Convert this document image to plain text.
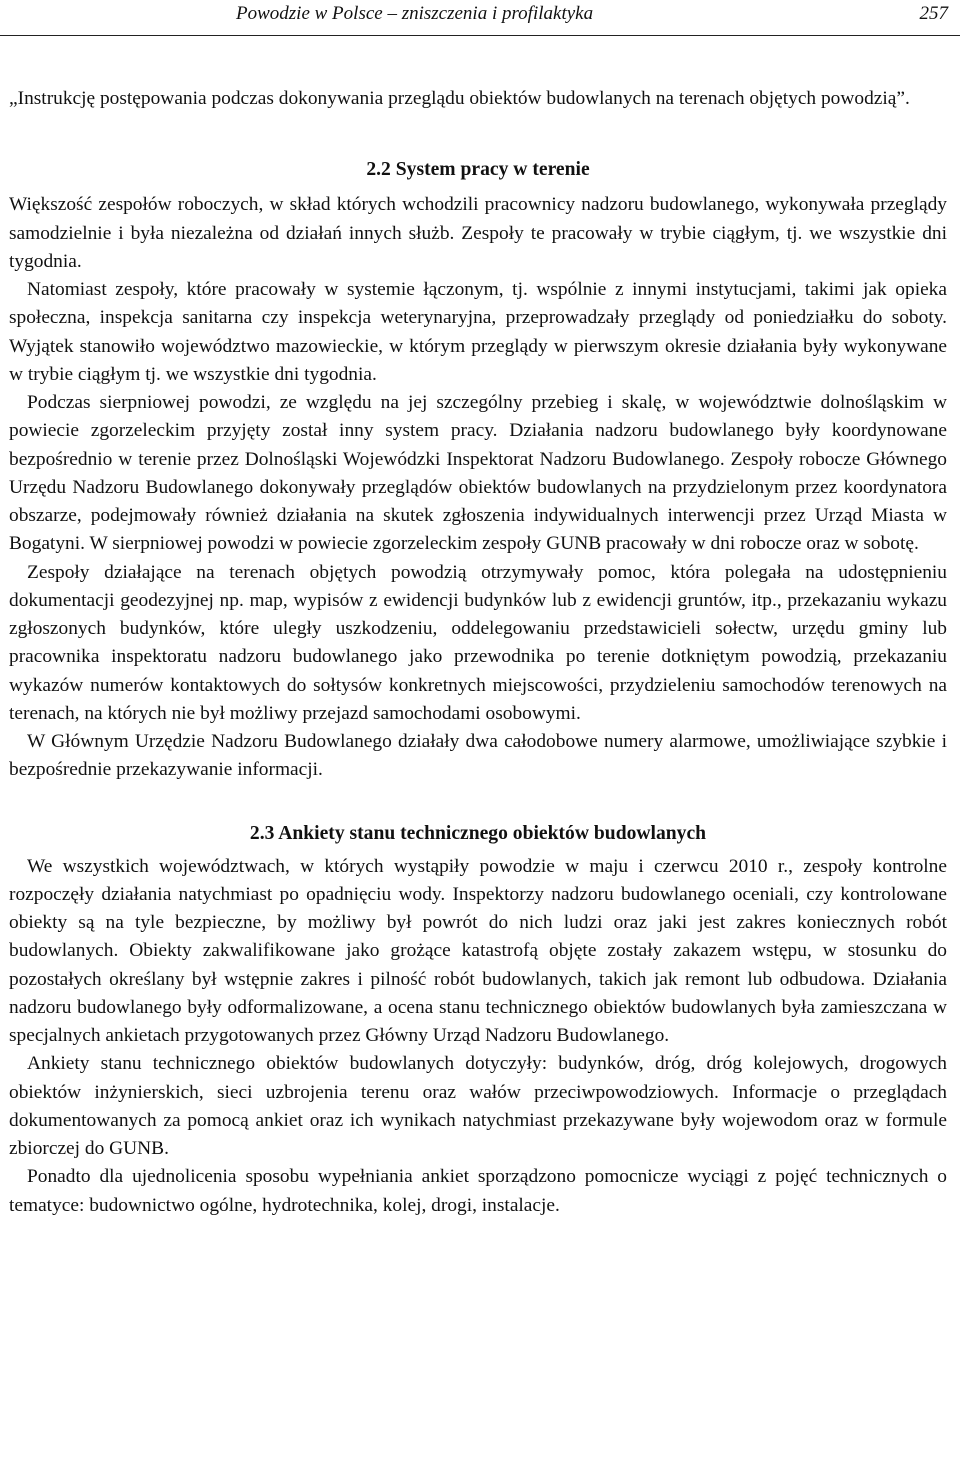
Powodzie w Polsce – zniszczenia i profilaktyka	257

„Instrukcję postępowania podczas dokonywania przeglądu obiektów budowlanych na terenach objętych powodzią”.

2.2 System pracy w terenie

Większość zespołów roboczych, w skład których wchodzili pracownicy nadzoru budowlanego, wykonywała przeglądy samodzielnie i była niezależna od działań innych służb. Zespoły te pracowały w trybie ciągłym, tj. we wszystkie dni tygodnia.

Natomiast zespoły, które pracowały w systemie łączonym, tj. wspólnie z innymi instytucjami, takimi jak opieka społeczna, inspekcja sanitarna czy inspekcja weterynaryjna, przeprowadzały przeglądy od poniedziałku do soboty. Wyjątek stanowiło województwo mazowieckie, w którym przeglądy w pierwszym okresie działania były wykonywane w trybie ciągłym tj. we wszystkie dni tygodnia.

Podczas sierpniowej powodzi, ze względu na jej szczególny przebieg i skalę, w województwie dolnośląskim w powiecie zgorzeleckim przyjęty został inny system pracy. Działania nadzoru budowlanego były koordynowane bezpośrednio w terenie przez Dolnośląski Wojewódzki Inspektorat Nadzoru Budowlanego. Zespoły robocze Głównego Urzędu Nadzoru Budowlanego dokonywały przeglądów obiektów budowlanych na przydzielonym przez koordynatora obszarze, podejmowały również działania na skutek zgłoszenia indywidualnych interwencji przez Urząd Miasta w Bogatyni. W sierpniowej powodzi w powiecie zgorzeleckim zespoły GUNB pracowały w dni robocze oraz w sobotę.

Zespoły działające na terenach objętych powodzią otrzymywały pomoc, która polegała na udostępnieniu dokumentacji geodezyjnej np. map, wypisów z ewidencji budynków lub z ewidencji gruntów, itp., przekazaniu wykazu zgłoszonych budynków, które uległy uszkodzeniu, oddelegowaniu przedstawicieli sołectw, urzędu gminy lub pracownika inspektoratu nadzoru budowlanego jako przewodnika po terenie dotkniętym powodzią, przekazaniu wykazów numerów kontaktowych do sołtysów konkretnych miejscowości, przydzieleniu samochodów terenowych na terenach, na których nie był możliwy przejazd samochodami osobowymi.

W Głównym Urzędzie Nadzoru Budowlanego działały dwa całodobowe numery alarmowe, umożliwiające szybkie i bezpośrednie przekazywanie informacji.

2.3 Ankiety stanu technicznego obiektów budowlanych

We wszystkich województwach, w których wystąpiły powodzie w maju i czerwcu 2010 r., zespoły kontrolne rozpoczęły działania natychmiast po opadnięciu wody. Inspektorzy nadzoru budowlanego oceniali, czy kontrolowane obiekty są na tyle bezpieczne, by możliwy był powrót do nich ludzi oraz jaki jest zakres koniecznych robót budowlanych. Obiekty zakwalifikowane jako grożące katastrofą objęte zostały zakazem wstępu, w stosunku do pozostałych określany był wstępnie zakres i pilność robót budowlanych, takich jak remont lub odbudowa. Działania nadzoru budowlanego były odformalizowane, a ocena stanu technicznego obiektów budowlanych była zamieszczana w specjalnych ankietach przygotowanych przez Główny Urząd Nadzoru Budowlanego.

Ankiety stanu technicznego obiektów budowlanych dotyczyły: budynków, dróg, dróg kolejowych, drogowych obiektów inżynierskich, sieci uzbrojenia terenu oraz wałów przeciwpowodziowych. Informacje o przeglądach dokumentowanych za pomocą ankiet oraz ich wynikach natychmiast przekazywane były wojewodom oraz w formule zbiorczej do GUNB.

Ponadto dla ujednolicenia sposobu wypełniania ankiet sporządzono pomocnicze wyciągi z pojęć technicznych o tematyce: budownictwo ogólne, hydrotechnika, kolej, drogi, instalacje.
